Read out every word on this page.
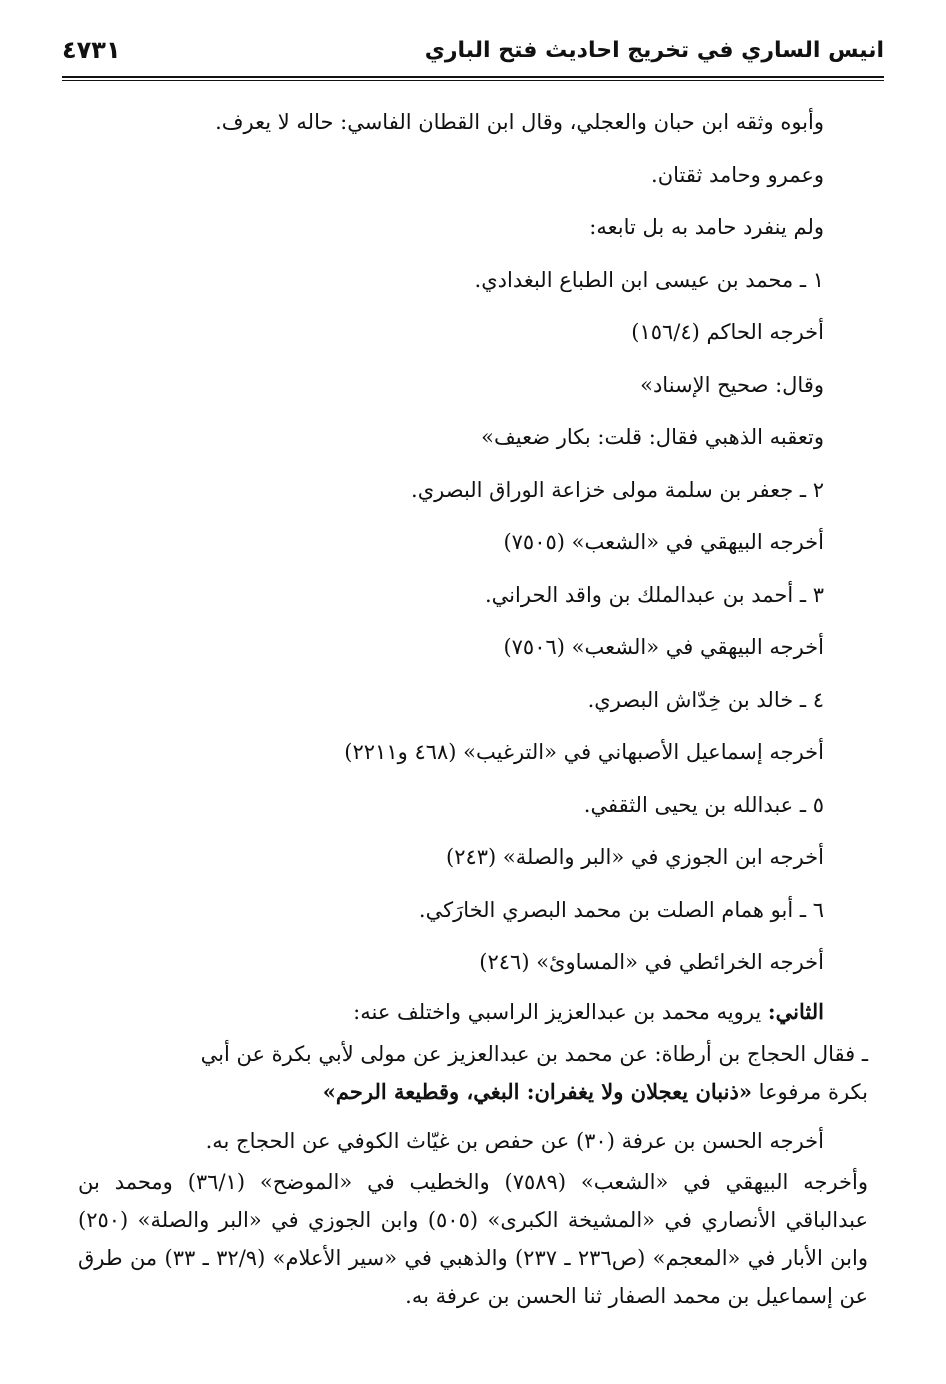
انيس الساري في تخريج احاديث فتح الباري
٤٧٣١

وأبوه وثقه ابن حبان والعجلي، وقال ابن القطان الفاسي: حاله لا يعرف.

وعمرو وحامد ثقتان.

ولم ينفرد حامد به بل تابعه:

١ ـ محمد بن عيسى ابن الطباع البغدادي.

أخرجه الحاكم (١٥٦/٤)

وقال: صحيح الإسناد»

وتعقبه الذهبي فقال: قلت: بكار ضعيف»

٢ ـ جعفر بن سلمة مولى خزاعة الوراق البصري.

أخرجه البيهقي في «الشعب» (٧٥٠٥)

٣ ـ أحمد بن عبدالملك بن واقد الحراني.

أخرجه البيهقي في «الشعب» (٧٥٠٦)

٤ ـ خالد بن خِدّاش البصري.

أخرجه إسماعيل الأصبهاني في «الترغيب» (٤٦٨ و٢٢١١)

٥ ـ عبدالله بن يحيى الثقفي.

أخرجه ابن الجوزي في «البر والصلة» (٢٤٣)

٦ ـ أبو همام الصلت بن محمد البصري الخارَكي.

أخرجه الخرائطي في «المساوئ» (٢٤٦)

الثاني: يرويه محمد بن عبدالعزيز الراسبي واختلف عنه:

ـ فقال الحجاج بن أرطاة: عن محمد بن عبدالعزيز عن مولى لأبي بكرة عن أبي

بكرة مرفوعا «ذنبان يعجلان ولا يغفران: البغي، وقطيعة الرحم»

أخرجه الحسن بن عرفة (٣٠) عن حفص بن غيّاث الكوفي عن الحجاج به.

وأخرجه البيهقي في «الشعب» (٧٥٨٩) والخطيب في «الموضح» (٣٦/١) ومحمد بن عبدالباقي الأنصاري في «المشيخة الكبرى» (٥٠٥) وابن الجوزي في «البر والصلة» (٢٥٠) وابن الأبار في «المعجم» (ص٢٣٦ ـ ٢٣٧) والذهبي في «سير الأعلام» (٣٢/٩ ـ ٣٣) من طرق عن إسماعيل بن محمد الصفار ثنا الحسن بن عرفة به.
